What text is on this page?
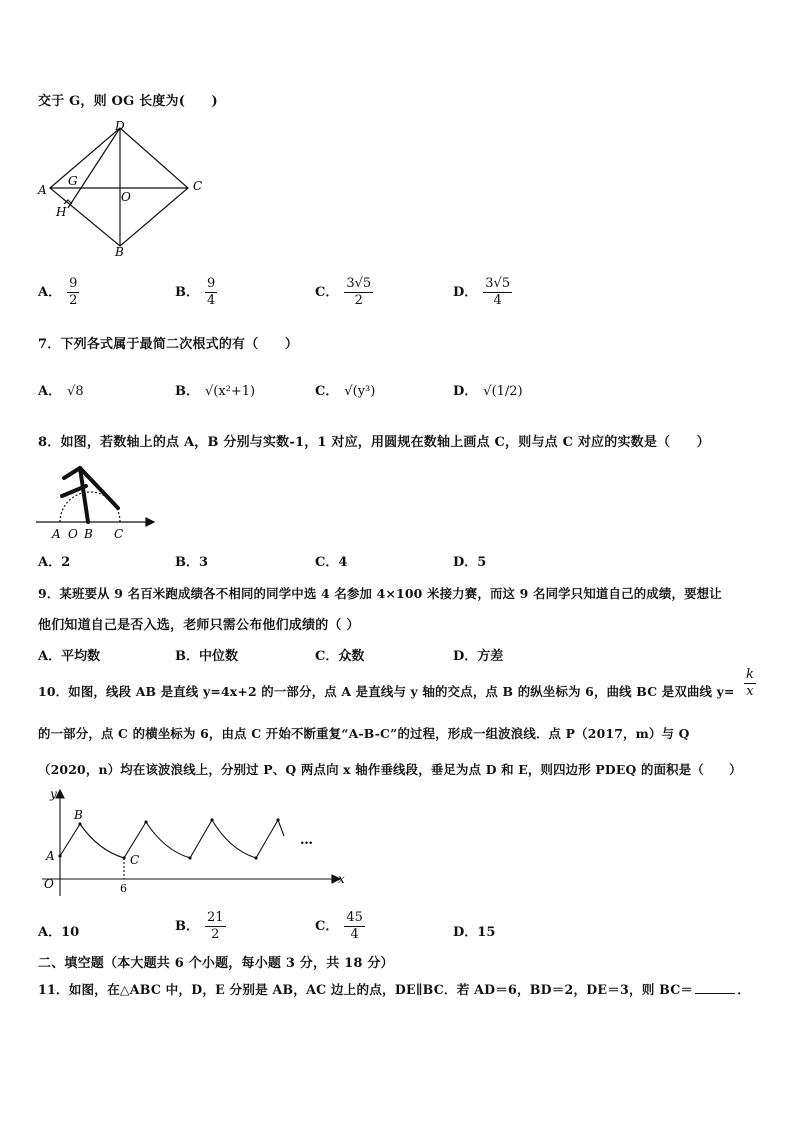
交于 G，则 OG 长度为(　　)
D
A
G
O
C
H
B
A． $\frac{9}{2}$	B． $\frac{9}{4}$	C． $\frac{3√5}{2}$	D． $\frac{3√5}{4}$
7．下列各式属于最简二次根式的有（　　）
A． √8	B． √(x²+1)	C． √(y³)	D． √(1/2)
8．如图，若数轴上的点 A，B 分别与实数-1，1 对应，用圆规在数轴上画点 C，则与点 C 对应的实数是（　　）
A O B C
A．2	B．3	C．4	D．5
9．某班要从 9 名百米跑成绩各不相同的同学中选 4 名参加 4×100 米接力赛，而这 9 名同学只知道自己的成绩，要想让
他们知道自己是否入选，老师只需公布他们成绩的（ ）
A．平均数	B．中位数	C．众数	D．方差
10．如图，线段 AB 是直线 y=4x+2 的一部分，点 A 是直线与 y 轴的交点，点 B 的纵坐标为 6，曲线 BC 是双曲线 y=
k
x
的一部分，点 C 的横坐标为 6，由点 C 开始不断重复“A-B-C”的过程，形成一组波浪线．点 P（2017，m）与 Q
（2020，n）均在该波浪线上，分别过 P、Q 两点向 x 轴作垂线段，垂足为点 D 和 E，则四边形 PDEQ 的面积是（　　）
y
B
A	C
O	6
x
…
A．10	B． $\frac{21}{2}$	C． $\frac{45}{4}$	D．15
二、填空题（本大题共 6 个小题，每小题 3 分，共 18 分）
11．如图，在△ABC 中，D，E 分别是 AB，AC 边上的点，DE∥BC．若 AD＝6，BD＝2，DE＝3，则 BC＝	．
